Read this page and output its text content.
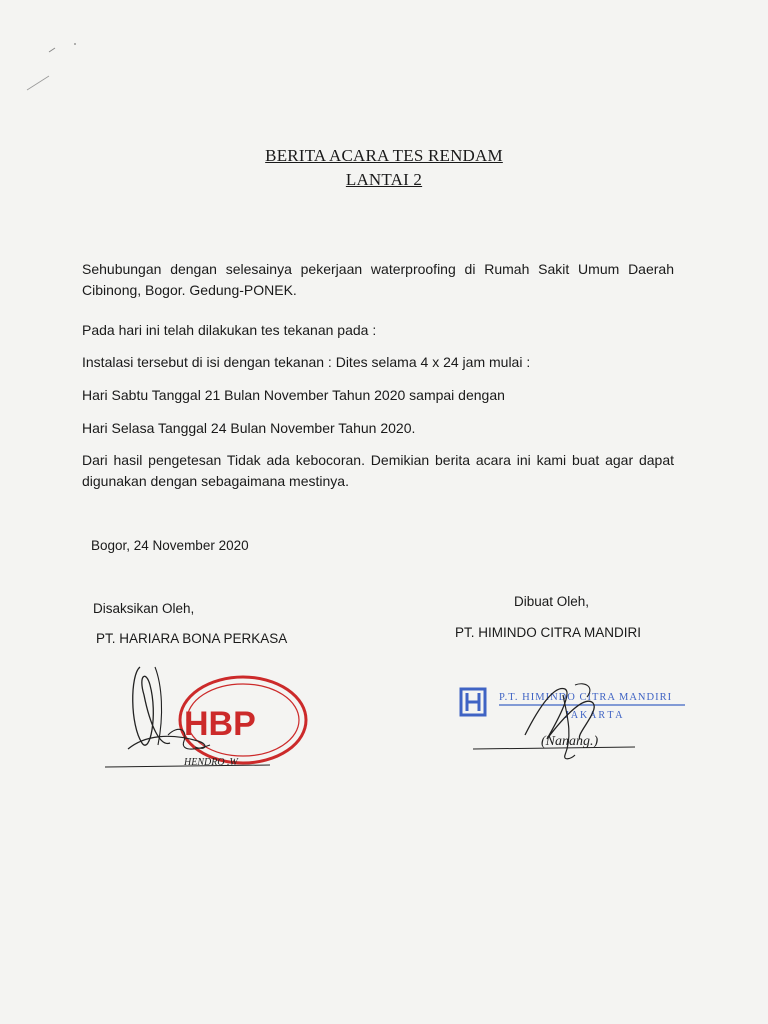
BERITA ACARA TES RENDAM
LANTAI 2
Sehubungan dengan selesainya pekerjaan waterproofing di Rumah Sakit Umum Daerah Cibinong, Bogor. Gedung-PONEK.
Pada hari ini telah dilakukan tes tekanan pada :
Instalasi tersebut di isi dengan tekanan : Dites selama 4 x 24 jam mulai :
Hari Sabtu Tanggal 21 Bulan November Tahun 2020 sampai dengan
Hari Selasa Tanggal 24 Bulan November Tahun 2020.
Dari hasil pengetesan Tidak ada kebocoran. Demikian berita acara ini kami buat agar dapat digunakan dengan sebagaimana mestinya.
Bogor, 24 November 2020
Disaksikan Oleh,
PT. HARIARA BONA PERKASA
HBP
HENDRO .W
Dibuat Oleh,
PT. HIMINDO CITRA MANDIRI
P.T. HIMINDO CITRA MANDIRI
J A K A R T A
(Nanang.)
